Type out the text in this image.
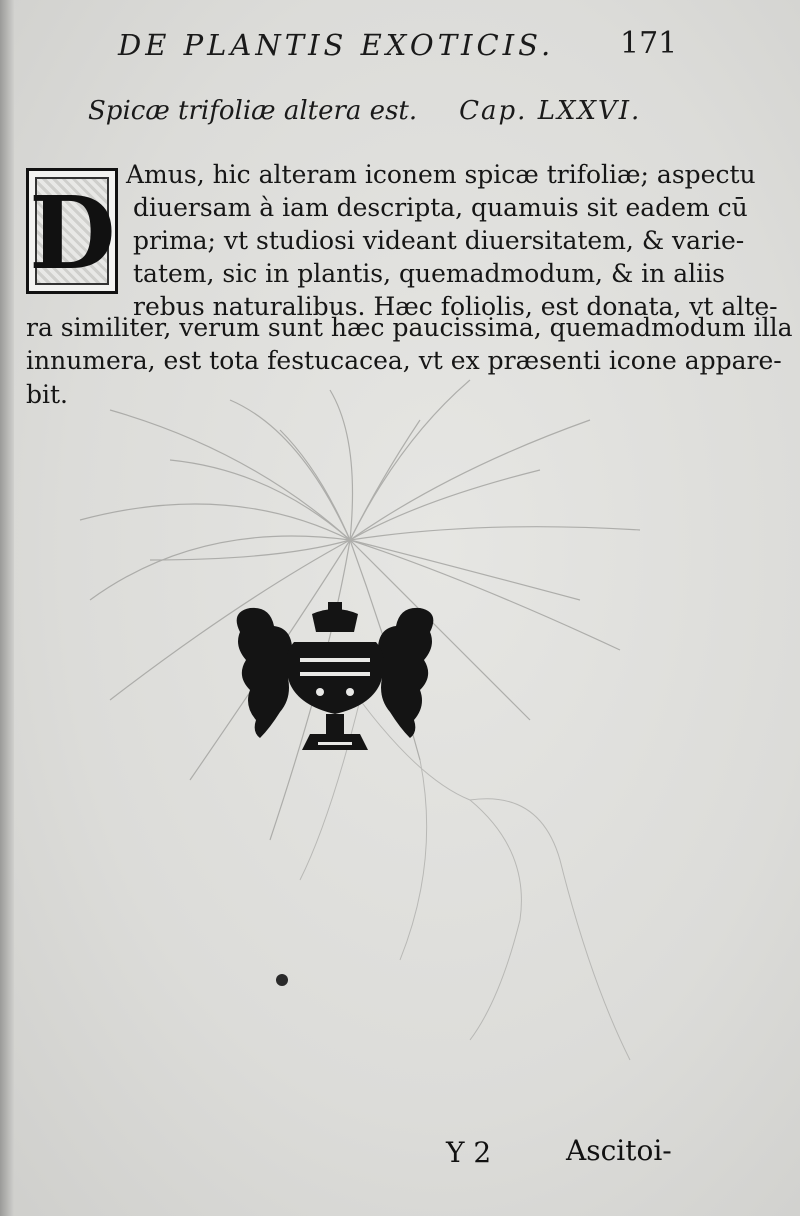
DE PLANTIS EXOTICIS. 171
Spicæ trifoliæ altera est. Cap. LXXVI.
D Amus, hic alteram iconem spicæ trifoliæ; aspectu
diuersam à iam descripta, quamuis sit eadem cū
prima; vt studiosi videant diuersitatem, & varie-
tatem, sic in plantis, quemadmodum, & in aliis
rebus naturalibus. Hæc foliolis, est donata, vt alte-
ra similiter, verum sunt hæc paucissima, quemadmodum illa
innumera, est tota festucacea, vt ex præsenti icone appare-
bit.
Y 2	Ascitoi-
